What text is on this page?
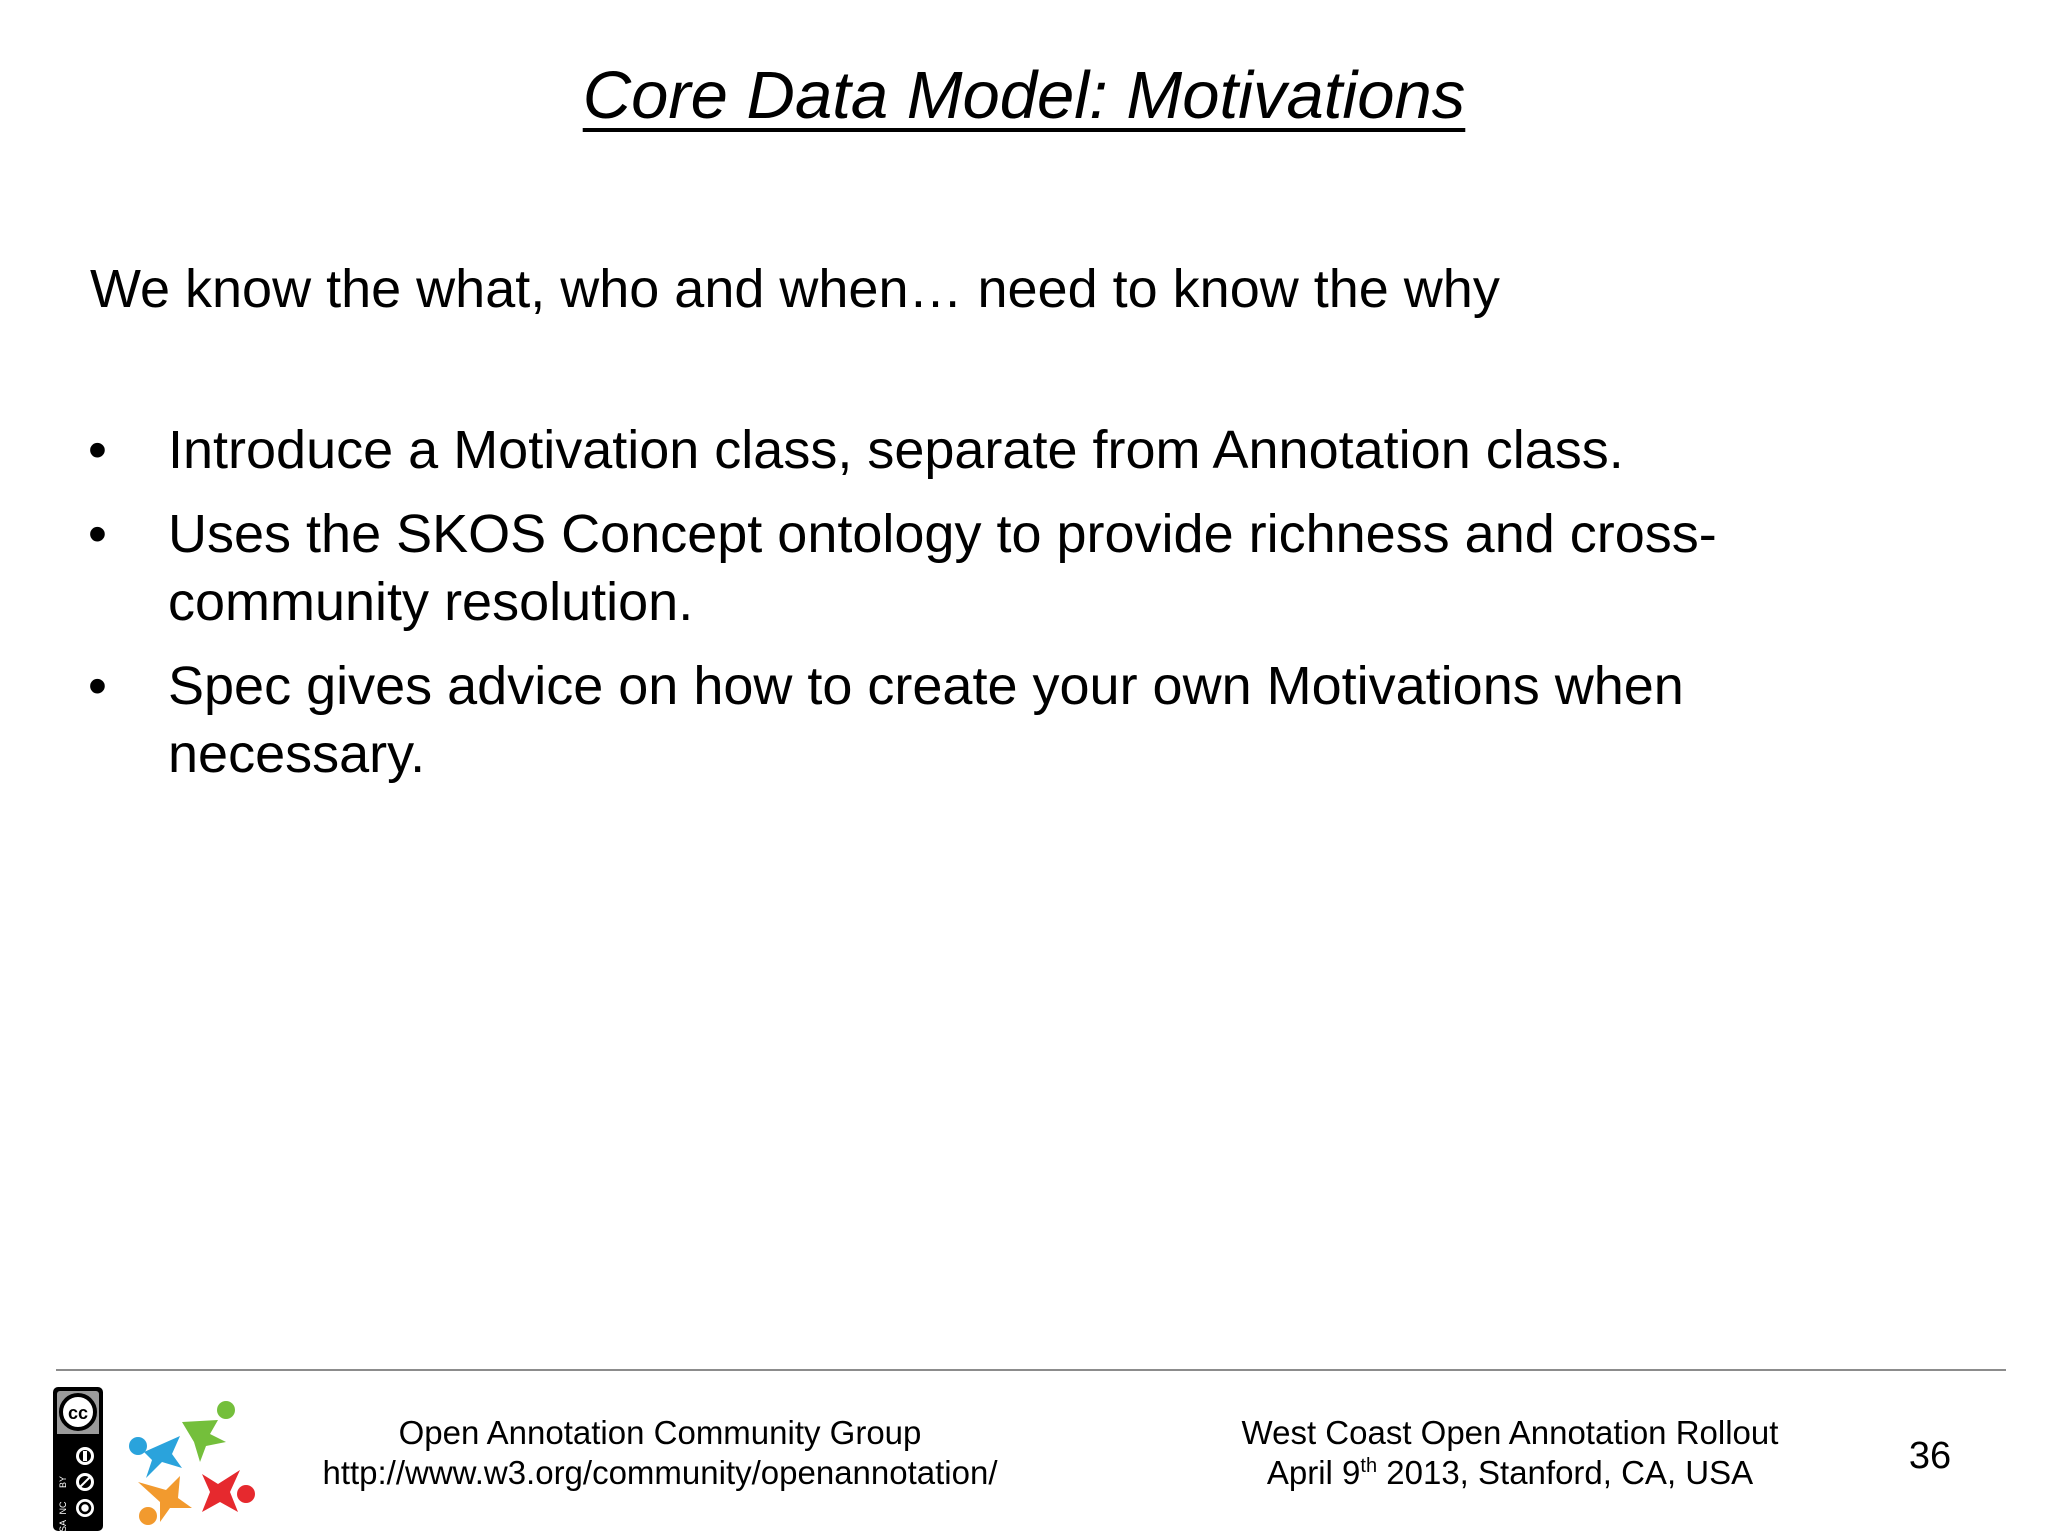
Core Data Model: Motivations

We know the what, who and when… need to know the why

• Introduce a Motivation class, separate from Annotation class.
• Uses the SKOS Concept ontology to provide richness and cross-community resolution.
• Spec gives advice on how to create your own Motivations when necessary.
cc
BY
NC
SA
Open Annotation Community Group
http://www.w3.org/community/openannotation/
West Coast Open Annotation Rollout
April 9th 2013, Stanford, CA, USA	36
